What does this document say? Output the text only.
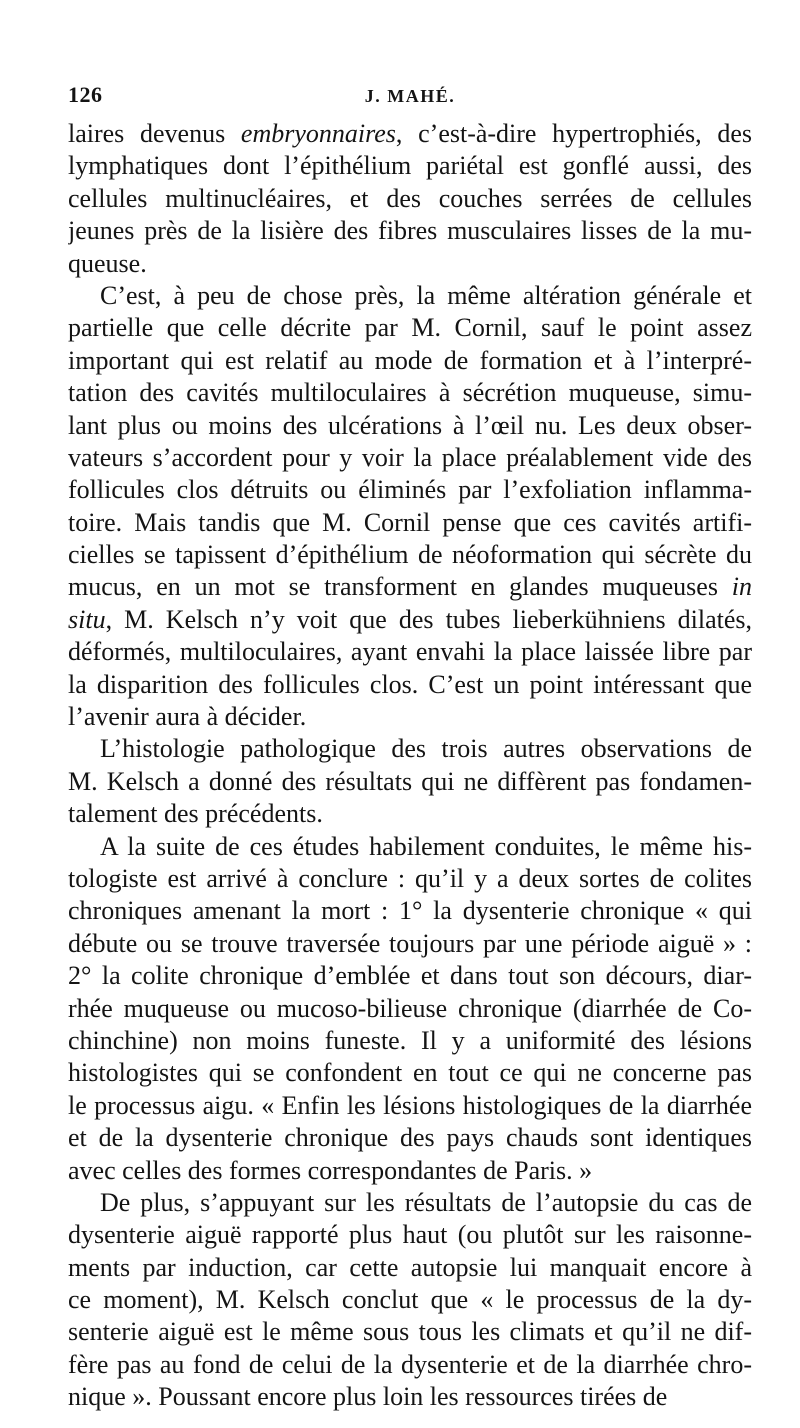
126	J. MAHÉ.
laires devenus embryonnaires, c’est-à-dire hypertrophiés, des
lymphatiques dont l’épithélium pariétal est gonflé aussi, des
cellules multinucléaires, et des couches serrées de cellules
jeunes près de la lisière des fibres musculaires lisses de la mu-
queuse.
C’est, à peu de chose près, la même altération générale et
partielle que celle décrite par M. Cornil, sauf le point assez
important qui est relatif au mode de formation et à l’interpré-
tation des cavités multiloculaires à sécrétion muqueuse, simu-
lant plus ou moins des ulcérations à l’œil nu. Les deux obser-
vateurs s’accordent pour y voir la place préalablement vide des
follicules clos détruits ou éliminés par l’exfoliation inflamma-
toire. Mais tandis que M. Cornil pense que ces cavités artifi-
cielles se tapissent d’épithélium de néoformation qui sécrète du
mucus, en un mot se transforment en glandes muqueuses in
situ, M. Kelsch n’y voit que des tubes lieberkühniens dilatés,
déformés, multiloculaires, ayant envahi la place laissée libre par
la disparition des follicules clos. C’est un point intéressant que
l’avenir aura à décider.
L’histologie pathologique des trois autres observations de
M. Kelsch a donné des résultats qui ne diffèrent pas fondamen-
talement des précédents.
A la suite de ces études habilement conduites, le même his-
tologiste est arrivé à conclure : qu’il y a deux sortes de colites
chroniques amenant la mort : 1° la dysenterie chronique « qui
débute ou se trouve traversée toujours par une période aiguë » :
2° la colite chronique d’emblée et dans tout son décours, diar-
rhée muqueuse ou mucoso-bilieuse chronique (diarrhée de Co-
chinchine) non moins funeste. Il y a uniformité des lésions
histologistes qui se confondent en tout ce qui ne concerne pas
le processus aigu. « Enfin les lésions histologiques de la diarrhée
et de la dysenterie chronique des pays chauds sont identiques
avec celles des formes correspondantes de Paris. »
De plus, s’appuyant sur les résultats de l’autopsie du cas de
dysenterie aiguë rapporté plus haut (ou plutôt sur les raisonne-
ments par induction, car cette autopsie lui manquait encore à
ce moment), M. Kelsch conclut que « le processus de la dy-
senterie aiguë est le même sous tous les climats et qu’il ne dif-
fère pas au fond de celui de la dysenterie et de la diarrhée chro-
nique ». Poussant encore plus loin les ressources tirées de
